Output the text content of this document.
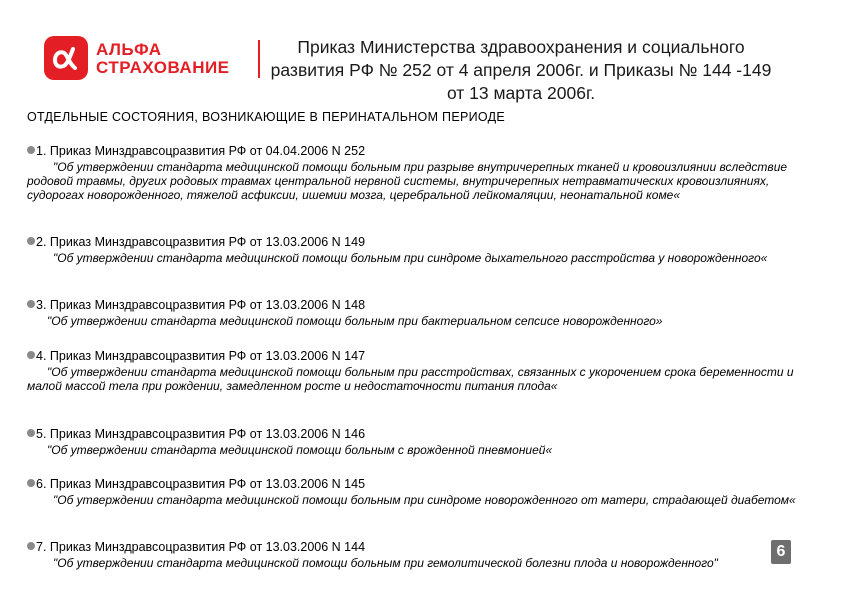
АЛЬФА
СТРАХОВАНИЕ
Приказ Министерства здравоохранения и социального развития РФ № 252 от 4 апреля 2006г. и Приказы № 144 -149 от 13 марта 2006г.
ОТДЕЛЬНЫЕ СОСТОЯНИЯ, ВОЗНИКАЮЩИЕ В ПЕРИНАТАЛЬНОМ ПЕРИОДЕ
1. Приказ Минздравсоцразвития РФ от 04.04.2006 N 252
"Об утверждении стандарта медицинской помощи больным при разрыве внутричерепных тканей и кровоизлиянии вследствие родовой травмы, других родовых травмах центральной нервной системы, внутричерепных нетравматических кровоизлияниях, судорогах новорожденного, тяжелой асфиксии, ишемии мозга, церебральной лейкомаляции, неонатальной коме«
2. Приказ Минздравсоцразвития РФ от 13.03.2006 N 149
"Об утверждении стандарта медицинской помощи больным при синдроме дыхательного расстройства у новорожденного«
3. Приказ Минздравсоцразвития РФ от 13.03.2006 N 148
"Об утверждении стандарта медицинской помощи больным при бактериальном сепсисе новорожденного»
4. Приказ Минздравсоцразвития РФ от 13.03.2006 N 147
"Об утверждении стандарта медицинской помощи больным при расстройствах, связанных с укорочением срока беременности и малой массой тела при рождении, замедленном росте и недостаточности питания плода«
5. Приказ Минздравсоцразвития РФ от 13.03.2006 N 146
"Об утверждении стандарта медицинской помощи больным с врожденной пневмонией«
6. Приказ Минздравсоцразвития РФ от 13.03.2006 N 145
"Об утверждении стандарта медицинской помощи больным при синдроме новорожденного от матери, страдающей диабетом«
7. Приказ Минздравсоцразвития РФ от 13.03.2006 N 144
"Об утверждении стандарта медицинской помощи больным при гемолитической болезни плода и новорожденного"
6
